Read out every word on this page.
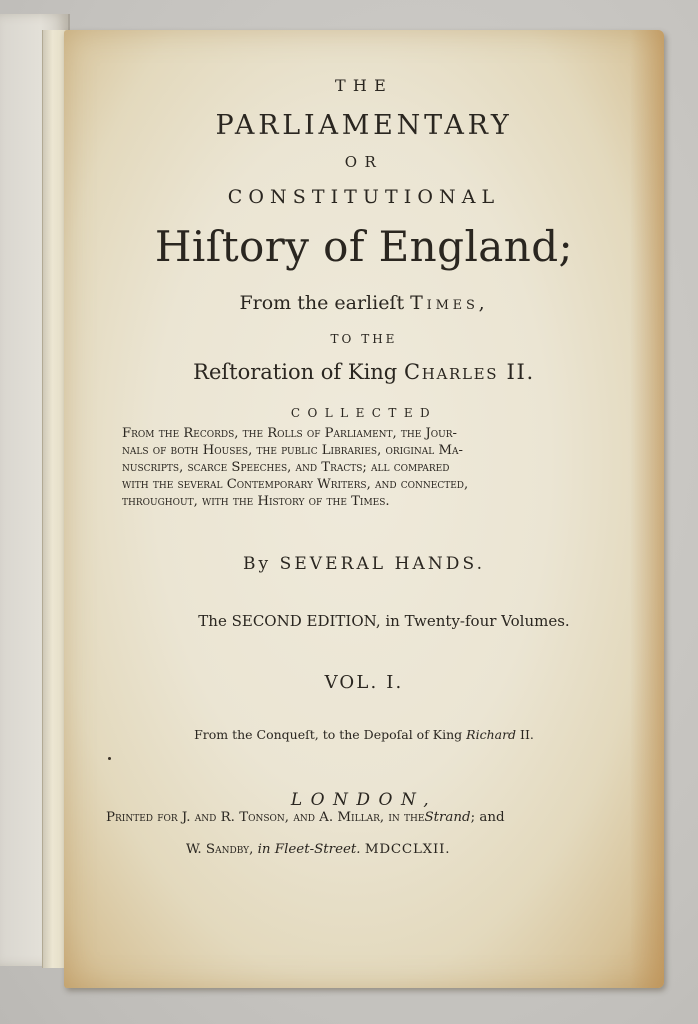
THE
PARLIAMENTARY
OR
CONSTITUTIONAL
Hiſtory of England;
From the earlieſt Times,
TO THE
Reſtoration of King Charles II.
COLLECTED
From the Records, the Rolls of Parliament, the Jour-
nals of both Houses, the public Libraries, original Ma-
nuscripts, ſcarce Speeches, and Tracts; all compared
with the ſeveral Contemporary Writers, and connected,
throughout, with the Hiſtory of the Times.
By SEVERAL HANDS.
The SECOND EDITION, in Twenty-four Volumes.
VOL. I.
From the Conqueſt, to the Depoſal of King Richard II.
LONDON,
Printed for J. and R. Tonson, and A. Millar, in theStrand; and
W. Sandby, in Fleet-Street. MDCCLXII.
